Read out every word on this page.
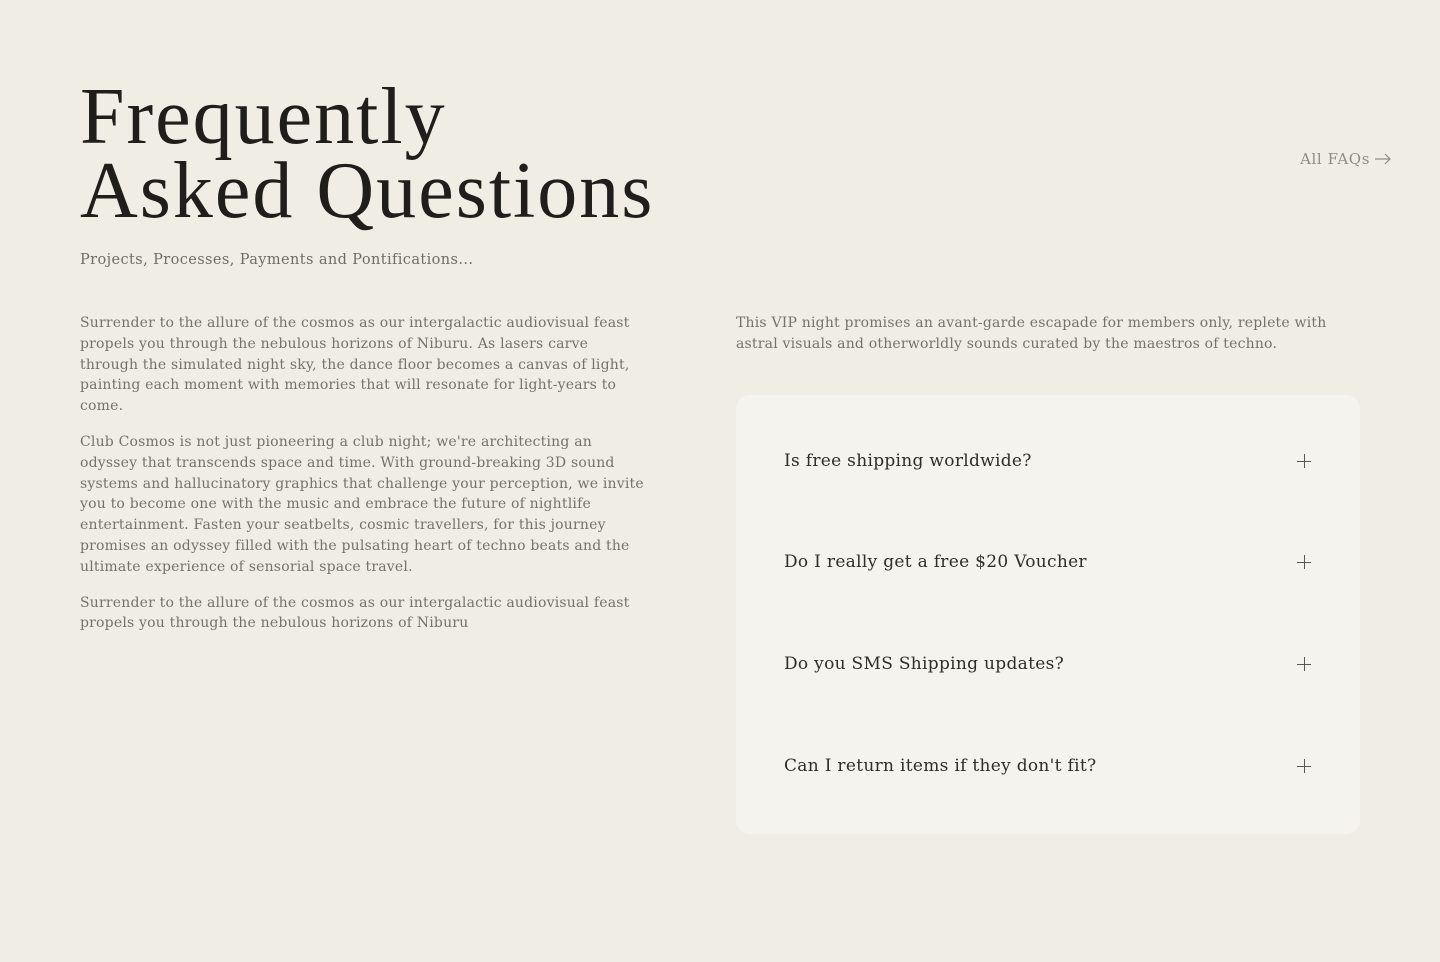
Frequently
Asked Questions

Projects, Processes, Payments and Pontifications...

All FAQs

Surrender to the allure of the cosmos as our intergalactic audiovisual feast propels you through the nebulous horizons of Niburu. As lasers carve through the simulated night sky, the dance floor becomes a canvas of light, painting each moment with memories that will resonate for light-years to come.

Club Cosmos is not just pioneering a club night; we're architecting an odyssey that transcends space and time. With ground-breaking 3D sound systems and hallucinatory graphics that challenge your perception, we invite you to become one with the music and embrace the future of nightlife entertainment. Fasten your seatbelts, cosmic travellers, for this journey promises an odyssey filled with the pulsating heart of techno beats and the ultimate experience of sensorial space travel.

Surrender to the allure of the cosmos as our intergalactic audiovisual feast propels you through the nebulous horizons of Niburu

This VIP night promises an avant-garde escapade for members only, replete with astral visuals and otherworldly sounds curated by the maestros of techno.

Is free shipping worldwide?
Do I really get a free $20 Voucher
Do you SMS Shipping updates?
Can I return items if they don't fit?
